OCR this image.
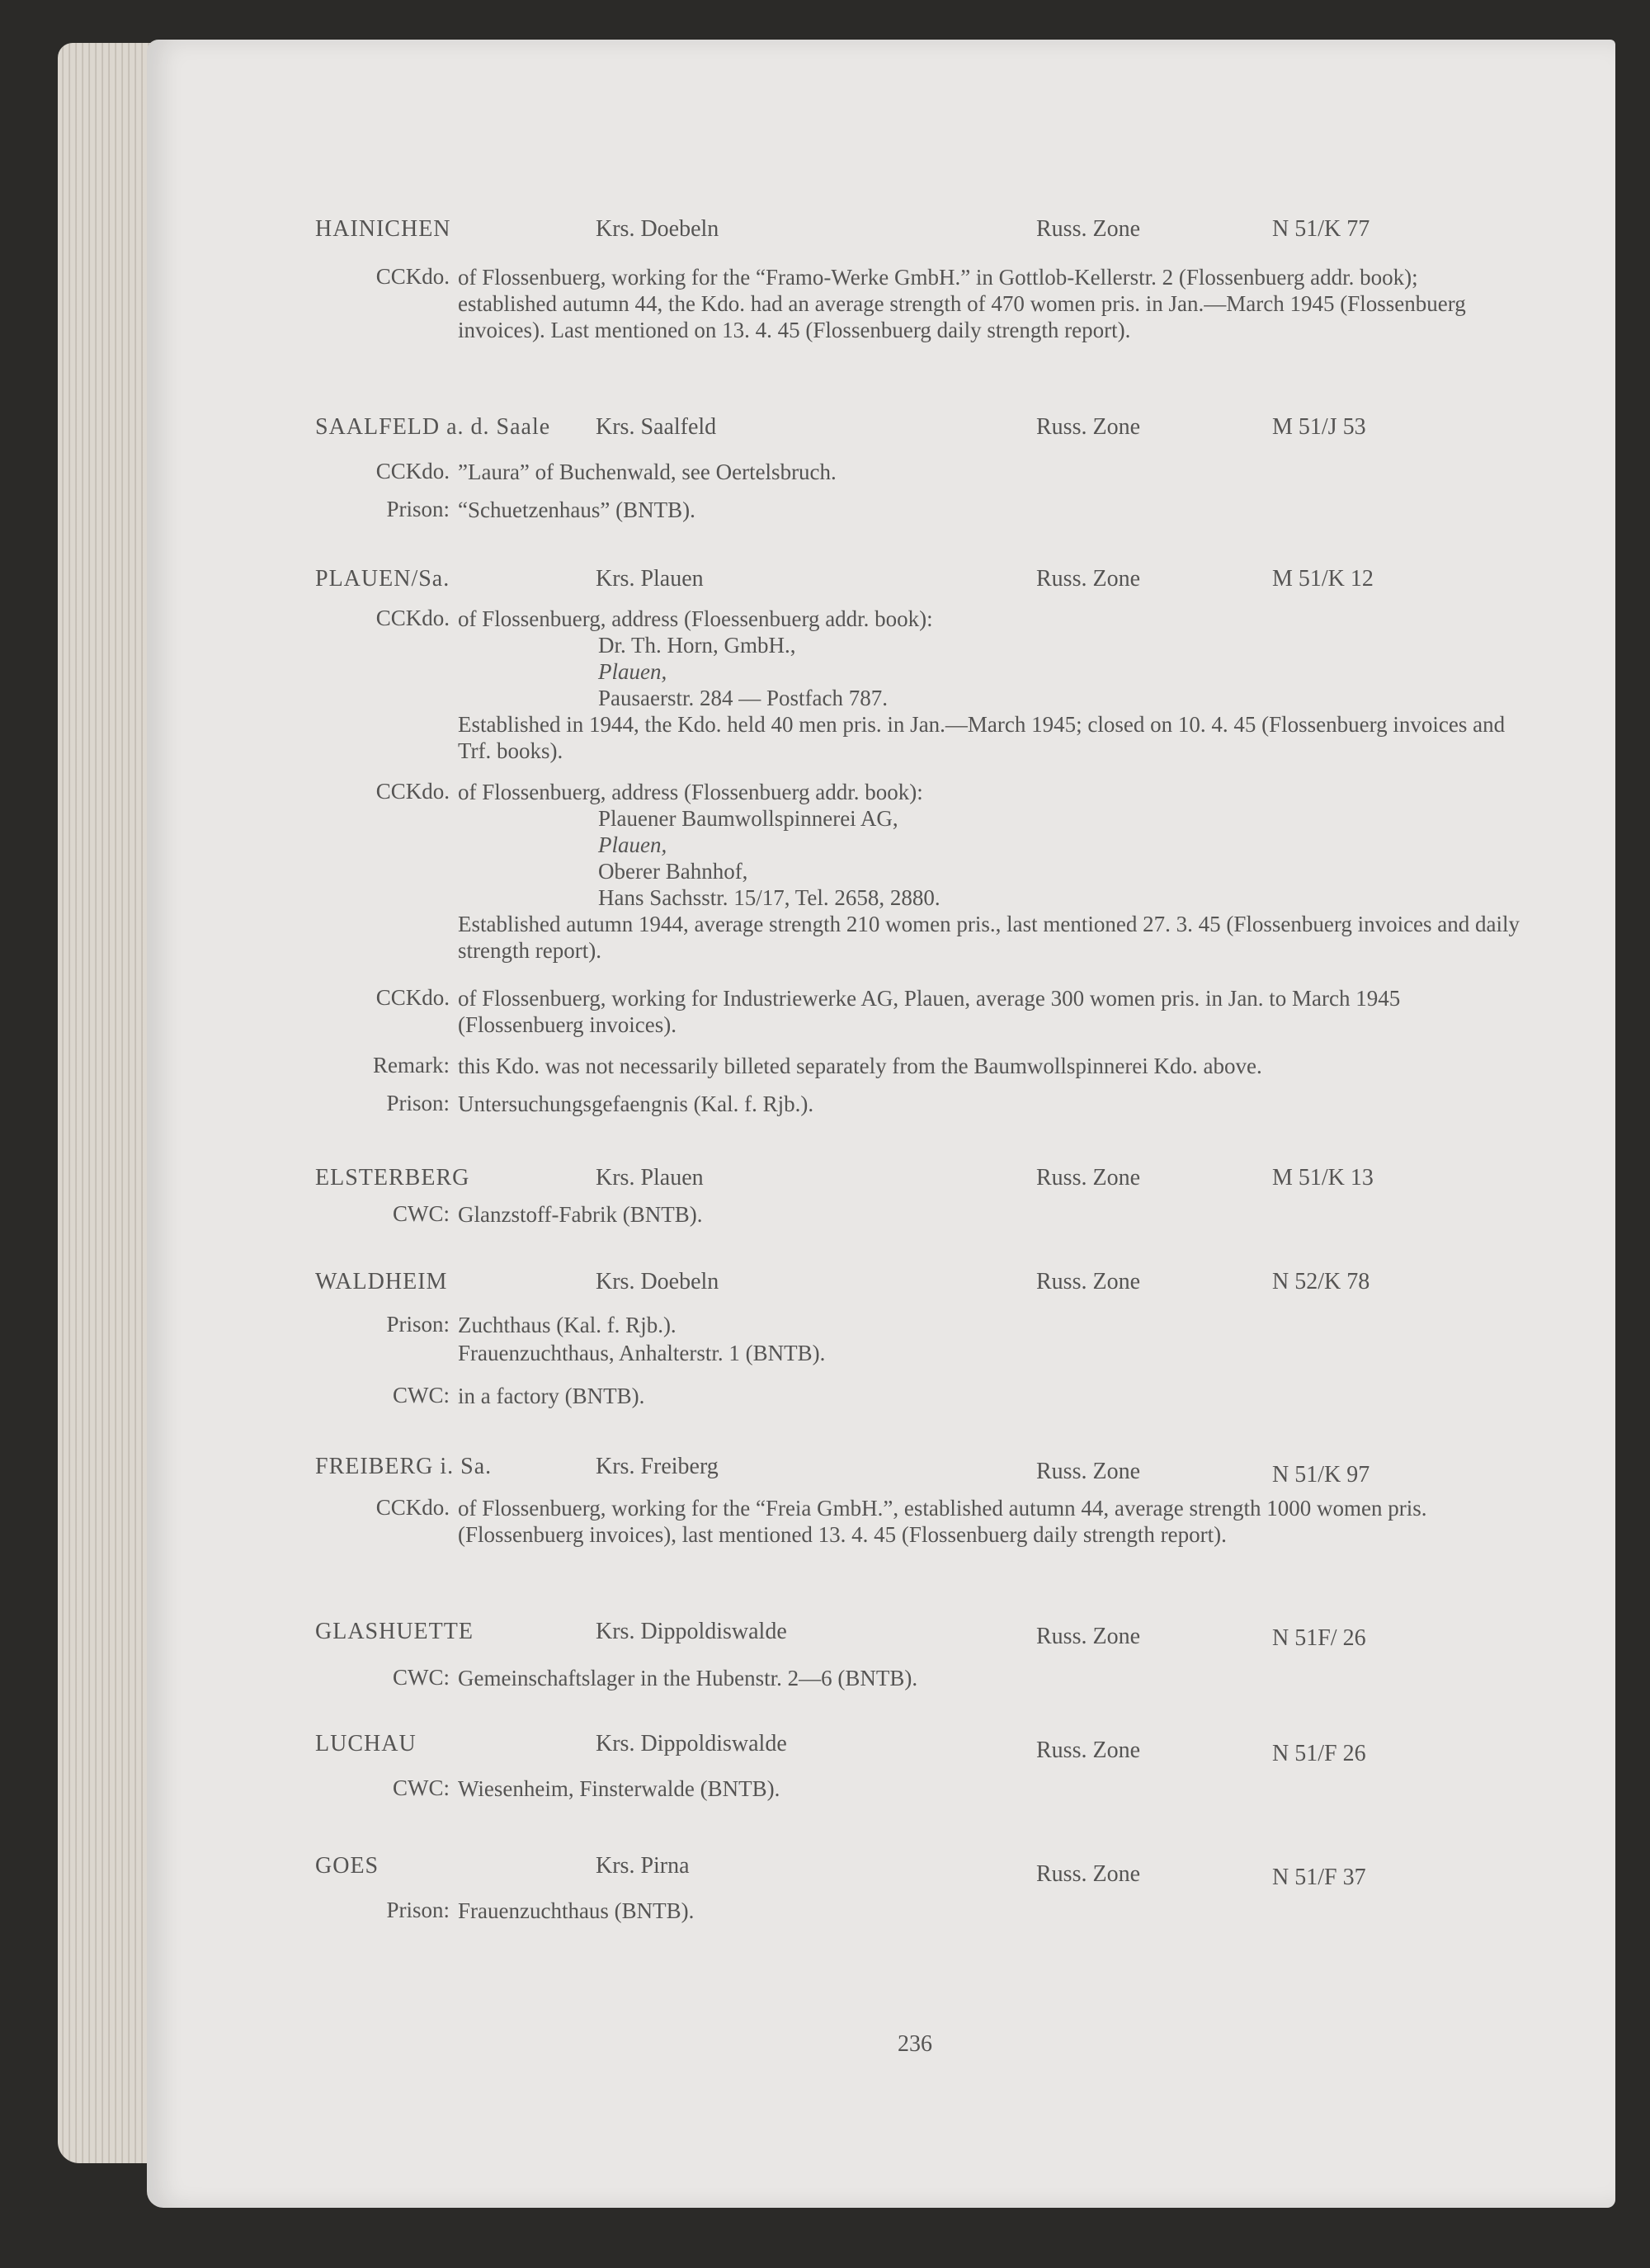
HAINICHEN	Krs. Doebeln	Russ. Zone	N 51/K 77
CCKdo. of Flossenbuerg, working for the “Framo-Werke GmbH.” in Gottlob-Kellerstr. 2 (Flossenbuerg addr. book); established autumn 44, the Kdo. had an average strength of 470 women pris. in Jan.—March 1945 (Flossenbuerg invoices). Last mentioned on 13. 4. 45 (Flossenbuerg daily strength report).
SAALFELD a. d. Saale Krs. Saalfeld	Russ. Zone	M 51/J 53
CCKdo. ”Laura” of Buchenwald, see Oertelsbruch.
Prison: “Schuetzenhaus” (BNTB).
PLAUEN/Sa.	Krs. Plauen	Russ. Zone	M 51/K 12
CCKdo. of Flossenbuerg, address (Floessenbuerg addr. book):
Dr. Th. Horn, GmbH.,
Plauen,
Pausaerstr. 284 — Postfach 787.
Established in 1944, the Kdo. held 40 men pris. in Jan.—March 1945; closed on 10. 4. 45 (Flossenbuerg invoices and Trf. books).
CCKdo. of Flossenbuerg, address (Flossenbuerg addr. book):
Plauener Baumwollspinnerei AG,
Plauen,
Oberer Bahnhof,
Hans Sachsstr. 15/17, Tel. 2658, 2880.
Established autumn 1944, average strength 210 women pris., last mentioned 27. 3. 45 (Flossenbuerg invoices and daily strength report).
CCKdo. of Flossenbuerg, working for Industriewerke AG, Plauen, average 300 women pris. in Jan. to March 1945 (Flossenbuerg invoices).
Remark: this Kdo. was not necessarily billeted separately from the Baumwollspinnerei Kdo. above.
Prison: Untersuchungsgefaengnis (Kal. f. Rjb.).
ELSTERBERG	Krs. Plauen	Russ. Zone	M 51/K 13
CWC: Glanzstoff-Fabrik (BNTB).
WALDHEIM	Krs. Doebeln	Russ. Zone	N 52/K 78
Prison: Zuchthaus (Kal. f. Rjb.).
Frauenzuchthaus, Anhalterstr. 1 (BNTB).
CWC: in a factory (BNTB).
FREIBERG i. Sa.	Krs. Freiberg	Russ. Zone	N 51/K 97
CCKdo. of Flossenbuerg, working for the “Freia GmbH.”, established autumn 44, average strength 1000 women pris. (Flossenbuerg invoices), last mentioned 13. 4. 45 (Flossenbuerg daily strength report).
GLASHUETTE	Krs. Dippoldiswalde	Russ. Zone	N 51F/ 26
CWC: Gemeinschaftslager in the Hubenstr. 2—6 (BNTB).
LUCHAU	Krs. Dippoldiswalde	Russ. Zone	N 51/F 26
CWC: Wiesenheim, Finsterwalde (BNTB).
GOES	Krs. Pirna	Russ. Zone	N 51/F 37
Prison: Frauenzuchthaus (BNTB).
236
